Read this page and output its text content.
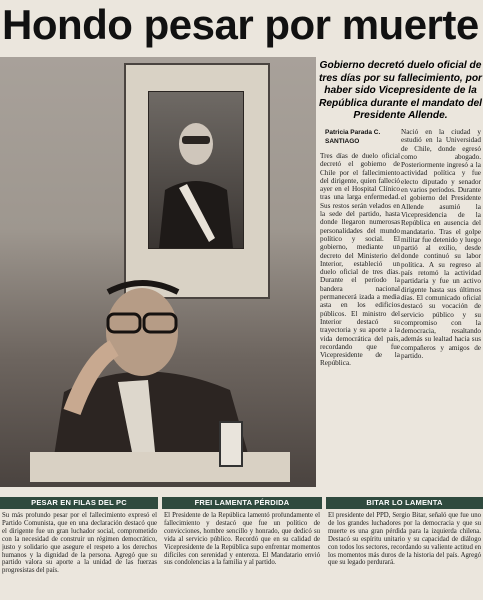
Hondo pesar por muerte
Gobierno decretó duelo oficial de tres días por su fallecimiento, por haber sido Vicepresidente de la República durante el mandato del Presidente Allende.
Patricia Parada C.
SANTIAGO
Tres días de duelo oficial decretó el gobierno de Chile por el fallecimiento del dirigente, quien falleció ayer en el Hospital Clínico tras una larga enfermedad. Sus restos serán velados en la sede del partido, hasta donde llegaron numerosas personalidades del mundo político y social. El gobierno, mediante un decreto del Ministerio del Interior, estableció un duelo oficial de tres días. Durante el período la bandera nacional permanecerá izada a media asta en los edificios públicos. El ministro del Interior destacó su trayectoria y su aporte a la vida democrática del país, recordando que fue Vicepresidente de la República.
Nació en la ciudad y estudió en la Universidad de Chile, donde egresó como abogado. Posteriormente ingresó a la actividad política y fue electo diputado y senador en varios períodos. Durante el gobierno del Presidente Allende asumió la Vicepresidencia de la República en ausencia del mandatario. Tras el golpe militar fue detenido y luego partió al exilio, desde donde continuó su labor política. A su regreso al país retomó la actividad partidaria y fue un activo dirigente hasta sus últimos días. El comunicado oficial destacó su vocación de servicio público y su compromiso con la democracia, resaltando además su lealtad hacia sus compañeros y amigos de partido.
PESAR EN FILAS DEL PC	FREI LAMENTA PÉRDIDA	BITAR LO LAMENTA
Su más profundo pesar por el fallecimiento expresó el Partido Comunista, que en una declaración destacó que el dirigente fue un gran luchador social, comprometido con la necesidad de construir un régimen democrático, justo y solidario que asegure el respeto a los derechos humanos y la dignidad de la persona. Agregó que su partido valora su aporte a la unidad de las fuerzas progresistas del país.
El Presidente de la República lamentó profundamente el fallecimiento y destacó que fue un político de convicciones, hombre sencillo y honrado, que dedicó su vida al servicio público. Recordó que en su calidad de Vicepresidente de la República supo enfrentar momentos difíciles con serenidad y entereza. El Mandatario envió sus condolencias a la familia y al partido.
El presidente del PPD, Sergio Bitar, señaló que fue uno de los grandes luchadores por la democracia y que su muerte es una gran pérdida para la izquierda chilena. Destacó su espíritu unitario y su capacidad de diálogo con todos los sectores, recordando su valiente actitud en los momentos más duros de la historia del país. Agregó que su legado perdurará.
